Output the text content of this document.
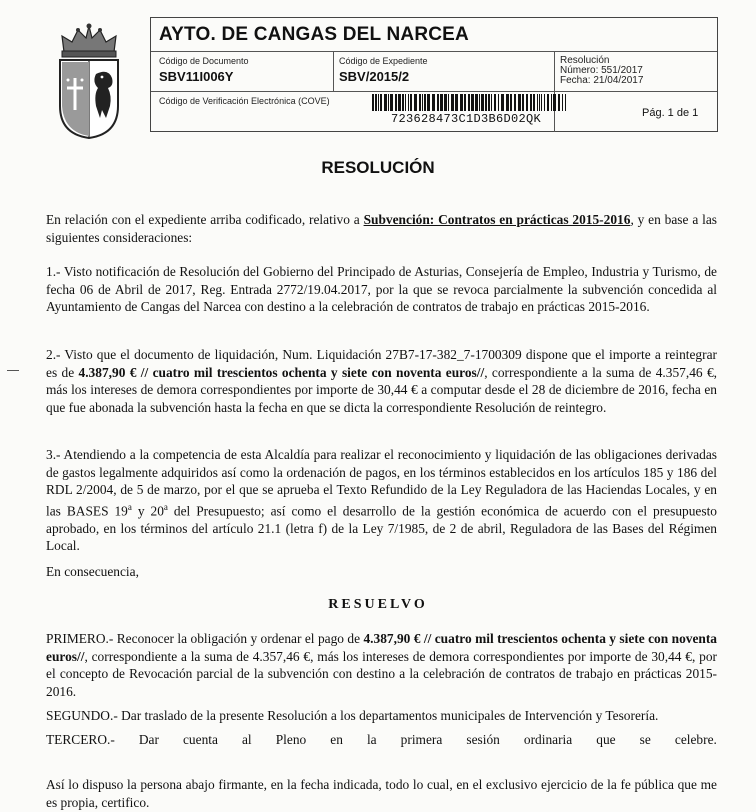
AYTO. DE CANGAS DEL NARCEA
Código de Documento
SBV11I006Y
Código de Expediente
SBV/2015/2
Resolución
Número: 551/2017
Fecha: 21/04/2017
Código de Verificación Electrónica (COVE)
723628473C1D3B6D02QK	Pág. 1 de 1
RESOLUCIÓN
En relación con el expediente arriba codificado, relativo a Subvención: Contratos en prácticas 2015-2016, y en base a las siguientes consideraciones:
1.- Visto notificación de Resolución del Gobierno del Principado de Asturias, Consejería de Empleo, Industria y Turismo, de fecha 06 de Abril de 2017, Reg. Entrada 2772/19.04.2017, por la que se revoca parcialmente la subvención concedida al Ayuntamiento de Cangas del Narcea con destino a la celebración de contratos de trabajo en prácticas 2015-2016.
2.- Visto que el documento de liquidación, Num. Liquidación 27B7-17-382_7-1700309 dispone que el importe a reintegrar es de 4.387,90 € // cuatro mil trescientos ochenta y siete con noventa euros//, correspondiente a la suma de 4.357,46 €, más los intereses de demora correspondientes por importe de 30,44 € a computar desde el 28 de diciembre de 2016, fecha en que fue abonada la subvención hasta la fecha en que se dicta la correspondiente Resolución de reintegro.
3.- Atendiendo a la competencia de esta Alcaldía para realizar el reconocimiento y liquidación de las obligaciones derivadas de gastos legalmente adquiridos así como la ordenación de pagos, en los términos establecidos en los artículos 185 y 186 del RDL 2/2004, de 5 de marzo, por el que se aprueba el Texto Refundido de la Ley Reguladora de las Haciendas Locales, y en las BASES 19$^a$ y 20$^a$ del Presupuesto; así como el desarrollo de la gestión económica de acuerdo con el presupuesto aprobado, en los términos del artículo 21.1 (letra f) de la Ley 7/1985, de 2 de abril, Reguladora de las Bases del Régimen Local.
En consecuencia,
RESUELVO
PRIMERO.- Reconocer la obligación y ordenar el pago de 4.387,90 € // cuatro mil trescientos ochenta y siete con noventa euros//, correspondiente a la suma de 4.357,46 €, más los intereses de demora correspondientes por importe de 30,44 €, por el concepto de Revocación parcial de la subvención con destino a la celebración de contratos de trabajo en prácticas 2015-2016.
SEGUNDO.- Dar traslado de la presente Resolución a los departamentos municipales de Intervención y Tesorería.
TERCERO.- Dar cuenta al Pleno en la primera sesión ordinaria que se celebre.
Así lo dispuso la persona abajo firmante, en la fecha indicada, todo lo cual, en el exclusivo ejercicio de la fe pública que me es propia, certifico.
